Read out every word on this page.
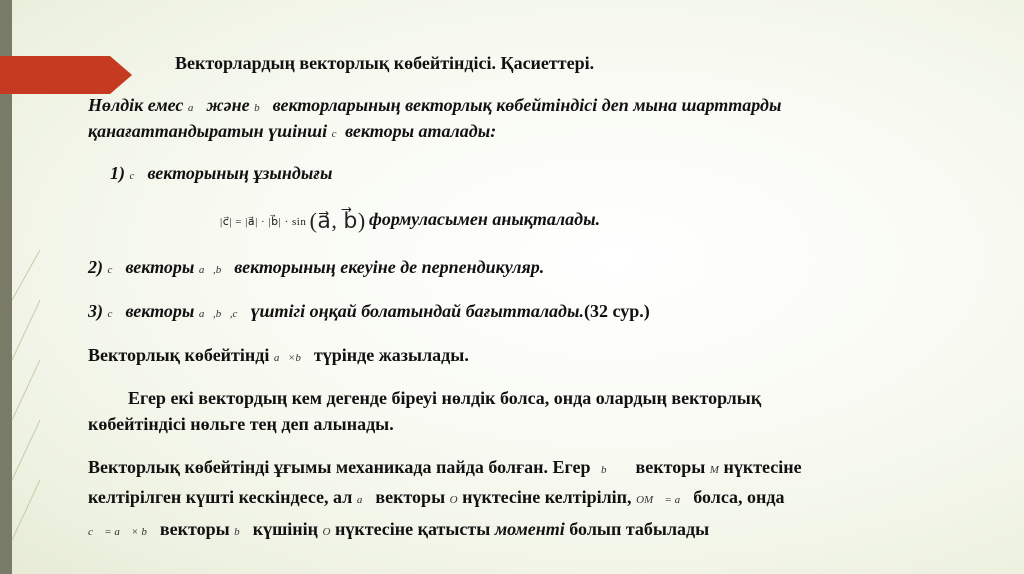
Векторлардың векторлық көбейтіндісі. Қасиеттері.
Нөлдік емес a⃗ және b⃗ векторларының векторлық көбейтіндісі деп мына шарттарды
қанағаттандыратын үшінші c⃗векторы аталады:
1) c⃗ векторының ұзындығы
|c⃗| = |a⃗| · |b⃗| · sin (a⃗, b⃗) формуласымен анықталады.
2) c⃗ векторы a⃗,b⃗ векторының екеуіне де перпендикуляр.
3) c⃗ векторы a⃗,b⃗,c⃗ үштігі оңқай болатындай бағытталады.(32 сур.)
Векторлық көбейтінді a⃗×b⃗ түрінде жазылады.
Егер екі вектордың кем дегенде біреуі нөлдік болса, онда олардың векторлық
көбейтіндісі нөльге тең деп алынады.
Векторлық көбейтінді ұғымы механикада пайда болған. Егер b⃗ векторы M нүктесіне
келтірілген күшті кескіндесе, ал a⃗ векторы O нүктесіне келтіріліп, OM⃗ = a⃗ болса, онда
c⃗ = a⃗ × b⃗ векторы b⃗ күшінің O нүктесіне қатысты моменті болып табылады
